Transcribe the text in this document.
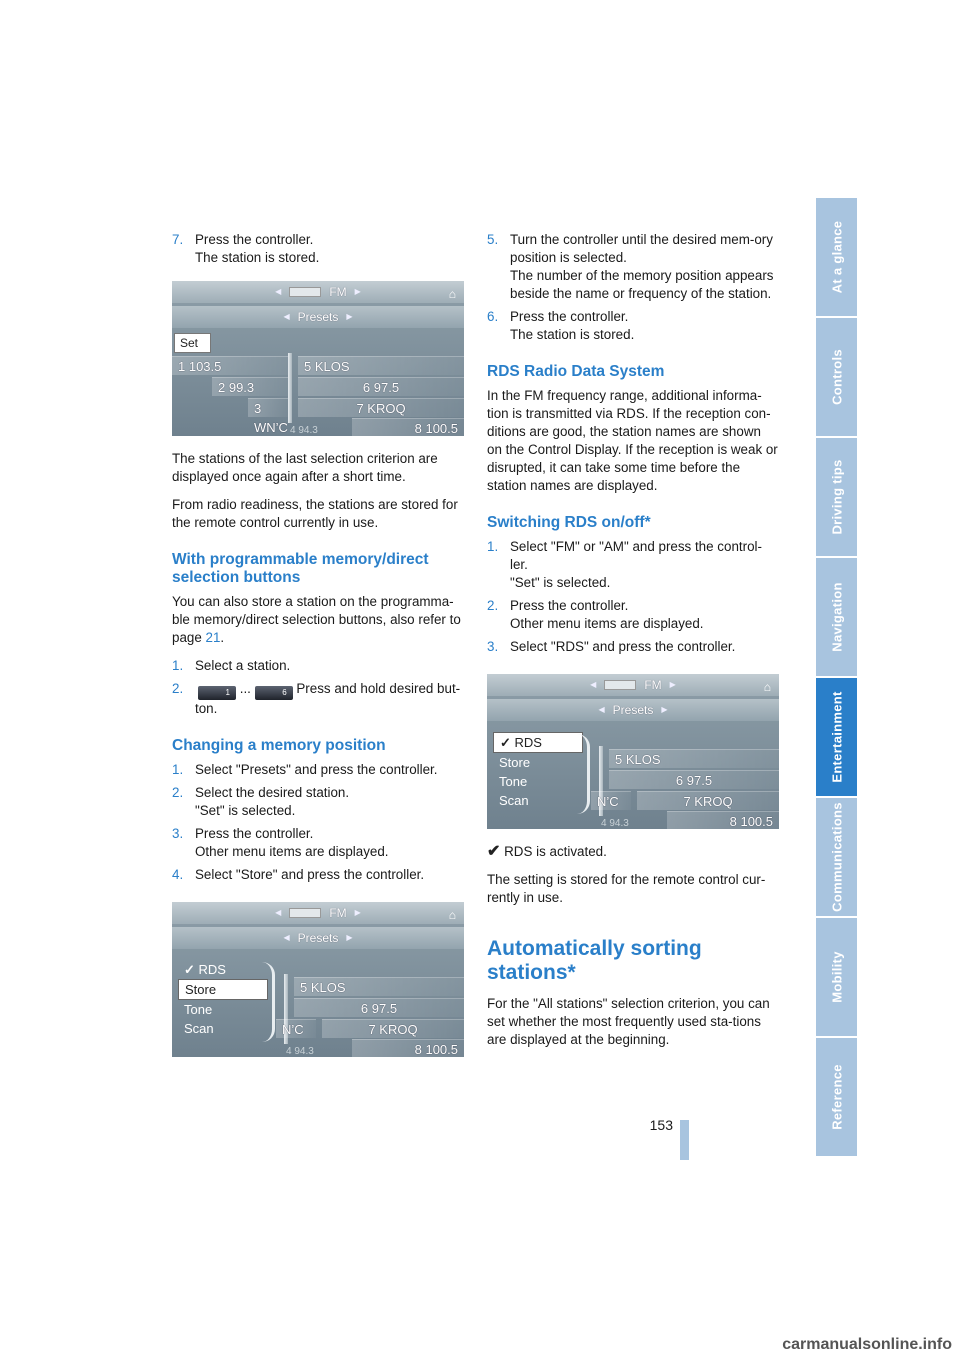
7 . Press the controller.
The station is stored.
◀	FM ▶	⌂
◀ Presets ▶
Set
1 103.5
2 99.3
3 WN’C
5 KLOS
6 97.5
7 KROQ
8 100.5
4 94.3

The stations of the last selection criterion are displayed once again after a short time.

From radio readiness, the stations are stored for the remote control currently in use.

With programmable memory/direct selection buttons

You can also store a station on the programma-ble memory/direct selection buttons, also refer to page 21.

1 . Select a station.
2 .	1 ...	6 Press and hold desired but-ton.
Changing a memory position
1 . Select "Presets" and press the controller.
2 . Select the desired station.
"Set" is selected.
3 . Press the controller.
Other menu items are displayed.
4 . Select "Store" and press the controller.
◀	FM ▶	⌂
◀ Presets ▶
✓ RDS
Store
Tone
Scan
5 KLOS
6 97.5
N’C	7 KROQ
8 100.5
4 94.3
5 . Turn the controller until the desired mem-ory position is selected.
The number of the memory position appears beside the name or frequency of the station.
6 . Press the controller.
The station is stored.
RDS Radio Data System

In the FM frequency range, additional informa-tion is transmitted via RDS. If the reception con-ditions are good, the station names are shown on the Control Display. If the reception is weak or disrupted, it can take some time before the station names are displayed.

Switching RDS on/off*
1 . Select "FM" or "AM" and press the control-ler.
"Set" is selected.
2 . Press the controller.
Other menu items are displayed.
3 . Select "RDS" and press the controller.
◀	FM ▶	⌂
◀ Presets ▶
✓ RDS
Store
Tone
Scan
5 KLOS
6 97.5
N’C	7 KROQ
8 100.5
4 94.3

✔ RDS is activated.

The setting is stored for the remote control cur-rently in use.

Automatically sorting stations*

For the "All stations" selection criterion, you can set whether the most frequently used sta-tions are displayed at the beginning.

At a glance
Controls
Driving tips
Navigation
Entertainment
Communications
Mobility
Reference
153
carmanualsonline.info
